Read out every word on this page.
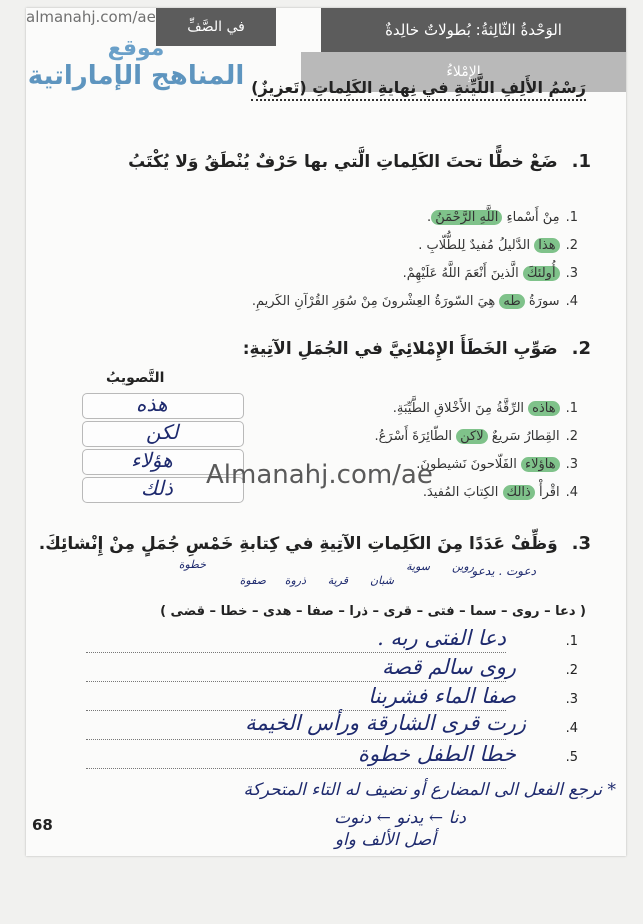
الوَحْدةُ الثّالِثةُ: بُطولاتٌ خالِدةٌ
الإِمْلاءُ
في الصَّفِّ
almanahj.com/ae
موقع
المناهج الإماراتية رَسْمُ الأَلِفِ اللَّيِّنةِ في نِهايةِ الكَلِماتِ (تَعزيزٌ)
1. ضَعْ خطًّا تحتَ الكَلِماتِ الَّتي بها حَرْفٌ يُنْطَقُ وَلا يُكْتَبُ
1.مِنْ أَسْماءِ اللَّهِ الرَّحْمَنُ.
2.هذا الدَّليلُ مُفيدٌ لِلطُّلّابِ .
3.أُولئكَ الَّذينَ أَنْعَمَ اللَّهُ عَلَيْهِمْ.
4.سورَةُ طه هِيَ السّورَةُ العِشْرونَ مِنْ سُوَرِ القُرْآنِ الكَريمِ.
2. صَوِّبِ الخَطَأَ الإِمْلائِيَّ في الجُمَلِ الآتِيةِ:
التَّصويبُ
1.هاذه الرِّقَّةُ مِنَ الأَخْلاقِ الطَّيِّبَةِ.
2.القِطارُ سَريعٌ لاكن الطّائِرَةَ أَسْرَعُ.
3.هاؤلاء الفَلّاحونَ نَشيطونَ.
4.اقْرأْ ذالك الكِتابَ المُفيدَ.
هذه
لكن
هؤلاء
ذلك Almanahj.com/ae
3. وَظِّفْ عَدَدًا مِنَ الكَلِماتِ الآتِيةِ في كِتابةِ خَمْسِ جُمَلٍ مِنْ إِنْشائِكَ.
دعوت . يدعو
روين
سوية
شبان
قرية
ذروة
صفوة
خطوة
( دعا – روى – سما – فتى – قرى – ذرا – صفا – هدى – خطا – قضى )
1.
دعا الفتى ربه .
2.
روى سالم قصة
3.
صفا الماء فشربنا
4.
زرت قرى الشارقة ورأس الخيمة
5.
خطا الطفل خطوة
* نرجع الفعل الى المضارع أو نضيف له التاء المتحركة
دنا ← يدنو ← دنوت
أصل الألف واو
68
